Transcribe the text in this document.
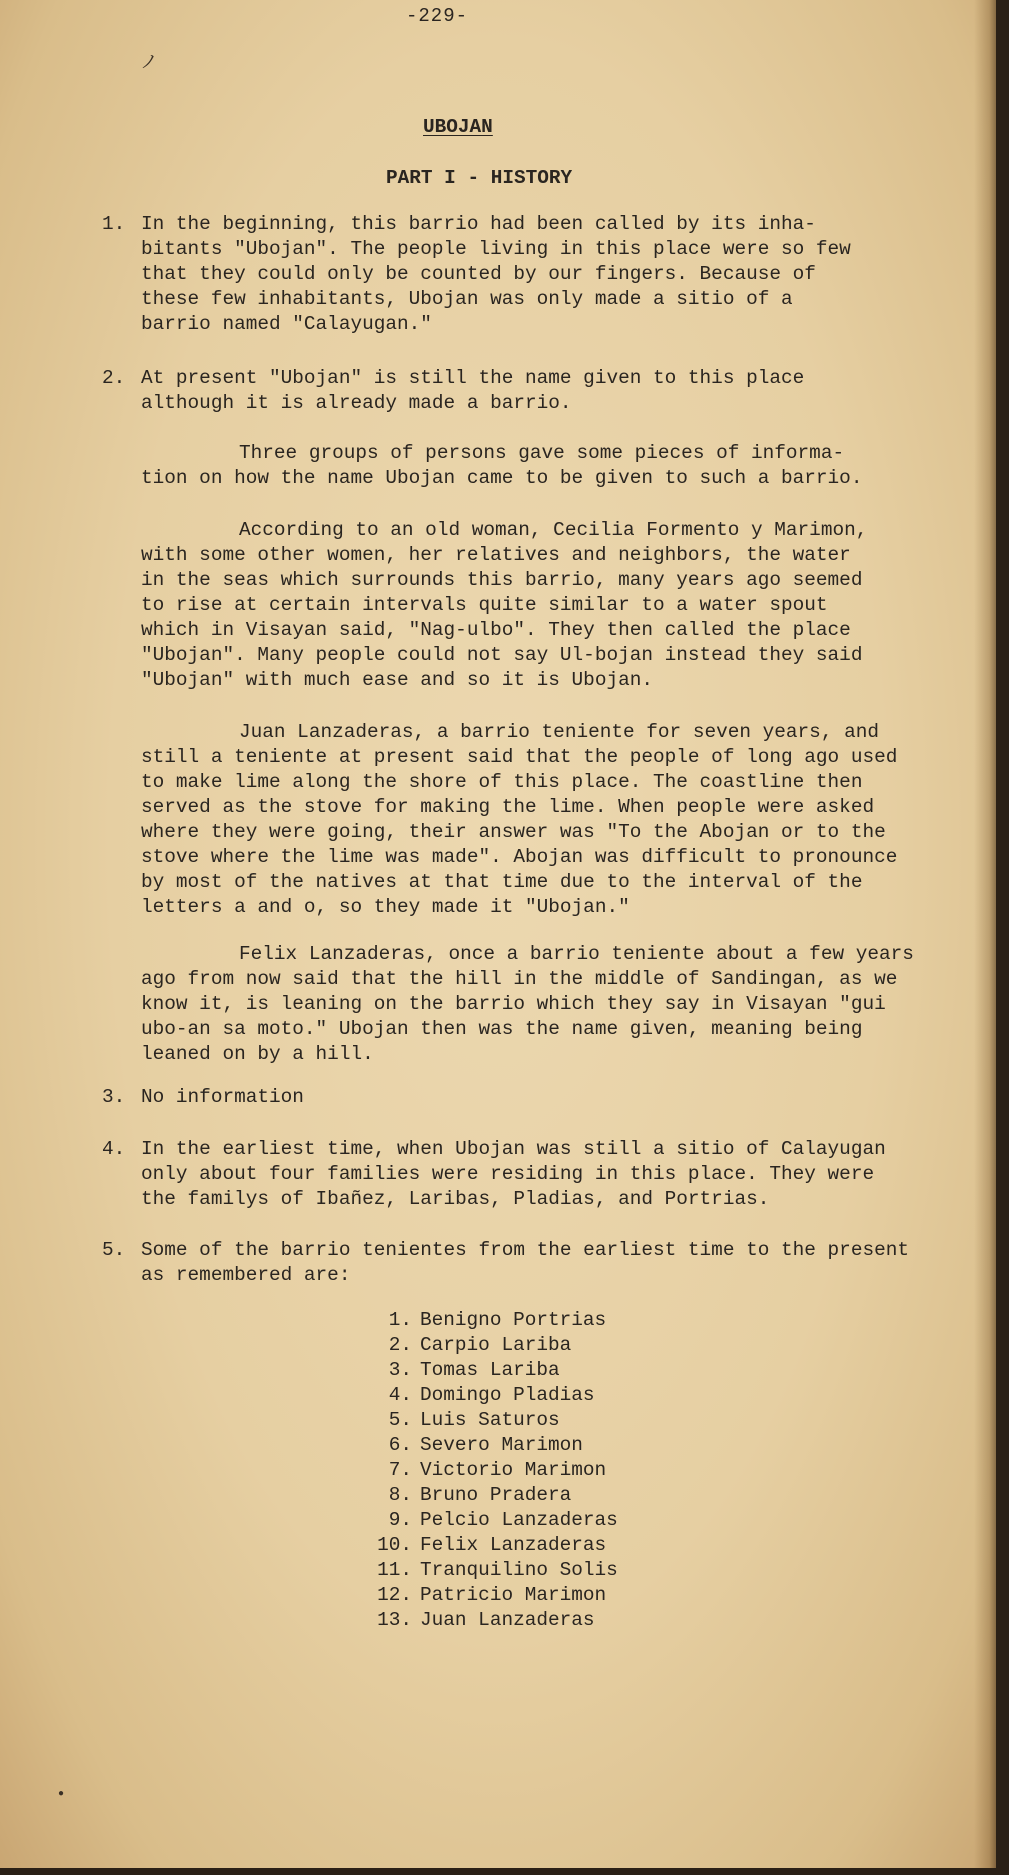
ノ
-229-
UBOJAN
PART I - HISTORY
1. In the beginning, this barrio had been called by its inha-
bitants "Ubojan". The people living in this place were so few
that they could only be counted by our fingers. Because of
these few inhabitants, Ubojan was only made a sitio of a
barrio named "Calayugan."
2. At present "Ubojan" is still the name given to this place
although it is already made a barrio.
Three groups of persons gave some pieces of informa-
tion on how the name Ubojan came to be given to such a barrio.
According to an old woman, Cecilia Formento y Marimon,
with some other women, her relatives and neighbors, the water
in the seas which surrounds this barrio, many years ago seemed
to rise at certain intervals quite similar to a water spout
which in Visayan said, "Nag-ulbo". They then called the place
"Ubojan". Many people could not say Ul-bojan instead they said
"Ubojan" with much ease and so it is Ubojan.
Juan Lanzaderas, a barrio teniente for seven years, and
still a teniente at present said that the people of long ago used
to make lime along the shore of this place. The coastline then
served as the stove for making the lime. When people were asked
where they were going, their answer was "To the Abojan or to the
stove where the lime was made". Abojan was difficult to pronounce
by most of the natives at that time due to the interval of the
letters a and o, so they made it "Ubojan."
Felix Lanzaderas, once a barrio teniente about a few years
ago from now said that the hill in the middle of Sandingan, as we
know it, is leaning on the barrio which they say in Visayan "gui
ubo-an sa moto." Ubojan then was the name given, meaning being
leaned on by a hill.
3. No information
4. In the earliest time, when Ubojan was still a sitio of Calayugan
only about four families were residing in this place. They were
the familys of Ibañez, Laribas, Pladias, and Portrias.
5. Some of the barrio tenientes from the earliest time to the present
as remembered are:
1. Benigno Portrias
2. Carpio Lariba
3. Tomas Lariba
4. Domingo Pladias
5. Luis Saturos
6. Severo Marimon
7. Victorio Marimon
8. Bruno Pradera
9. Pelcio Lanzaderas
10. Felix Lanzaderas
11. Tranquilino Solis
12. Patricio Marimon
13. Juan Lanzaderas
●
